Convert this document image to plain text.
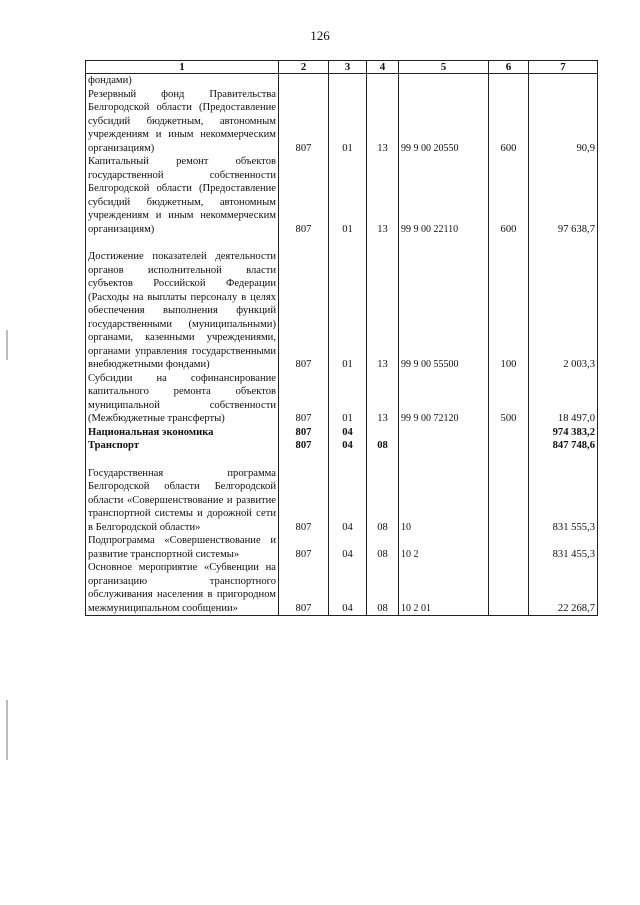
126
1	2	3	4	5	6	7
фондами)						
Резервный фонд Правительства Белгородской области (Предоставление субсидий бюджетным, автономным учреждениям и иным некоммерческим организациям)	807	01	13	99 9 00 20550	600	90,9
Капитальный ремонт объектов государственной собственности Белгородской области (Предоставление субсидий бюджетным, автономным учреждениям и иным некоммерческим организациям)	807	01	13	99 9 00 22110	600	97 638,7

Достижение показателей деятельности органов исполнительной власти субъектов Российской Федерации (Расходы на выплаты персоналу в целях обеспечения выполнения функций государственными (муниципальными) органами, казенными учреждениями, органами управления государственными внебюджетными фондами)	807	01	13	99 9 00 55500	100	2 003,3
Субсидии на софинансирование капитального ремонта объектов муниципальной собственности (Межбюджетные трансферты)	807	01	13	99 9 00 72120	500	18 497,0
Национальная экономика	807	04				974 383,2
Транспорт	807	04	08			847 748,6

Государственная программа Белгородской области Белгородской области «Совершенствование и развитие транспортной системы и дорожной сети в Белгородской области»	807	04	08	10		831 555,3
Подпрограмма «Совершенствование и развитие транспортной системы»	807	04	08	10 2		831 455,3
Основное мероприятие «Субвенции на организацию транспортного обслуживания населения в пригородном межмуниципальном сообщении»	807	04	08	10 2 01		22 268,7
